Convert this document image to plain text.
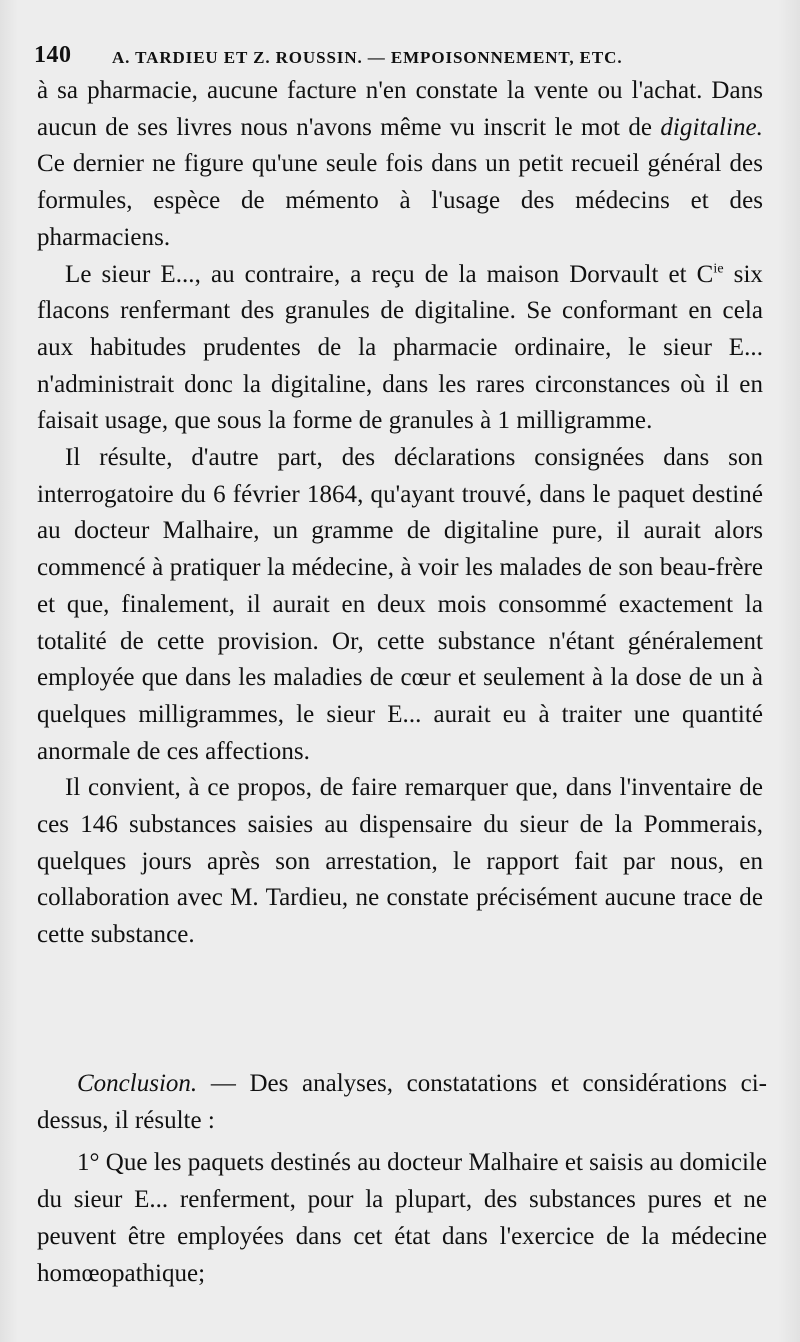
140 A. TARDIEU ET Z. ROUSSIN. — EMPOISONNEMENT, ETC.

à sa pharmacie, aucune facture n'en constate la vente ou l'achat. Dans aucun de ses livres nous n'avons même vu inscrit le mot de digitaline. Ce dernier ne figure qu'une seule fois dans un petit recueil général des formules, espèce de mémento à l'usage des médecins et des pharmaciens.

Le sieur E..., au contraire, a reçu de la maison Dorvault et $C^{ie}$ six flacons renfermant des granules de digitaline. Se conformant en cela aux habitudes prudentes de la pharmacie ordinaire, le sieur E... n'administrait donc la digitaline, dans les rares circonstances où il en faisait usage, que sous la forme de granules à 1 milligramme.

Il résulte, d'autre part, des déclarations consignées dans son interrogatoire du 6 février 1864, qu'ayant trouvé, dans le paquet destiné au docteur Malhaire, un gramme de digitaline pure, il aurait alors commencé à pratiquer la médecine, à voir les malades de son beau-frère et que, finalement, il aurait en deux mois consommé exactement la totalité de cette provision. Or, cette substance n'étant généralement employée que dans les maladies de cœur et seulement à la dose de un à quelques milligrammes, le sieur E... aurait eu à traiter une quantité anormale de ces affections.

Il convient, à ce propos, de faire remarquer que, dans l'inventaire de ces 146 substances saisies au dispensaire du sieur de la Pommerais, quelques jours après son arrestation, le rapport fait par nous, en collaboration avec M. Tardieu, ne constate précisément aucune trace de cette substance.

Conclusion. — Des analyses, constatations et considérations ci-dessus, il résulte :

1° Que les paquets destinés au docteur Malhaire et saisis au domicile du sieur E... renferment, pour la plupart, des substances pures et ne peuvent être employées dans cet état dans l'exercice de la médecine homœopathique;
